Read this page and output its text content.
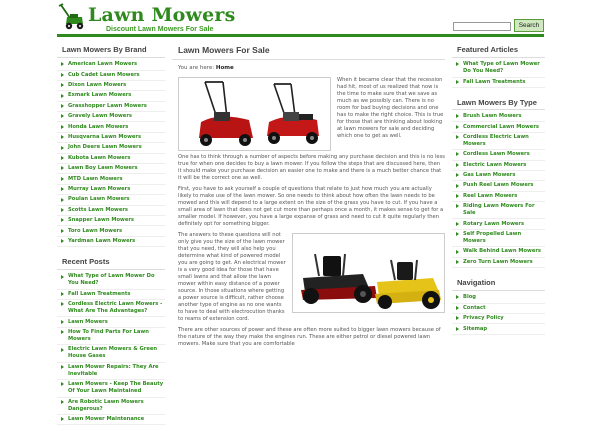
Lawn Mowers
Discount Lawn Mowers For Sale
Search
Lawn Mowers By Brand
American Lawn Mowers
Cub Cadet Lawn Mowers
Dixon Lawn Mowers
Exmark Lawn Mowers
Grasshopper Lawn Mowers
Gravely Lawn Mowers
Honda Lawn Mowers
Husqvarna Lawn Mowers
John Deere Lawn Mowers
Kubota Lawn Mowers
Lawn Boy Lawn Mowers
MTD Lawn Mowers
Murray Lawn Mowers
Poulan Lawn Mowers
Scotts Lawn Mowers
Snapper Lawn Mowers
Toro Lawn Mowers
Yardman Lawn Mowers
Recent Posts
What Type of Lawn Mower Do You Need?
Fall Lawn Treatments
Cordless Electric Lawn Mowers - What Are The Advantages?
Lawn Mowers
How To Find Parts For Lawn Mowers
Electric Lawn Mowers & Green House Gases
Lawn Mower Repairs: They Are Inevitable
Lawn Mowers - Keep The Beauty Of Your Lawn Maintained
Are Robotic Lawn Mowers Dangerous?
Lawn Mower Maintenance
Lawn Mowers For Sale
You are here: Home

When it became clear that the recession had hit, most of us realized that now is the time to make sure that we save as much as we possibly can. There is no room for bad buying decisions and one has to make the right choice. This is true for those that are thinking about looking at lawn mowers for sale and deciding which one to get as well.

One has to think through a number of aspects before making any purchase decision and this is no less true for when one decides to buy a lawn mower. If you follow the steps that are discussed here, then it should make your purchase decision an easier one to make and there is a much better chance that it will be the correct one as well.

First, you have to ask yourself a couple of questions that relate to just how much you are actually likely to make use of the lawn mower. So one needs to think about how often the lawn needs to be mowed and this will depend to a large extent on the size of the grass you have to cut. If you have a small area of lawn that does not get cut more than perhaps once a month, it makes sense to get for a smaller model. If however, you have a large expanse of grass and need to cut it quite regularly then definitely opt for something bigger.

The answers to these questions will not only give you the size of the lawn mower that you need, they will also help you determine what kind of powered model you are going to get. An electrical mower is a very good idea for those that have small lawns and that allow the lawn mower within easy distance of a power source. In those situations where getting a power source is difficult, rather choose another type of engine as no one wants to have to deal with electrocution thanks to reams of extension cord.

There are other sources of power and these are often more suited to bigger lawn mowers because of the nature of the way they make the engines run. These are either petrol or diesel powered lawn mowers. Make sure that you are comfortable

Featured Articles
What Type of Lawn Mower Do You Need?
Fall Lawn Treatments
Lawn Mowers By Type
Brush Lawn Mowers
Commercial Lawn Mowers
Cordless Electric Lawn Mowers
Cordless Lawn Mowers
Electric Lawn Mowers
Gas Lawn Mowers
Push Reel Lawn Mowers
Reel Lawn Mowers
Riding Lawn Mowers For Sale
Rotary Lawn Mowers
Self Propelled Lawn Mowers
Walk Behind Lawn Mowers
Zero Turn Lawn Mowers
Navigation
Blog
Contact
Privacy Policy
Sitemap
